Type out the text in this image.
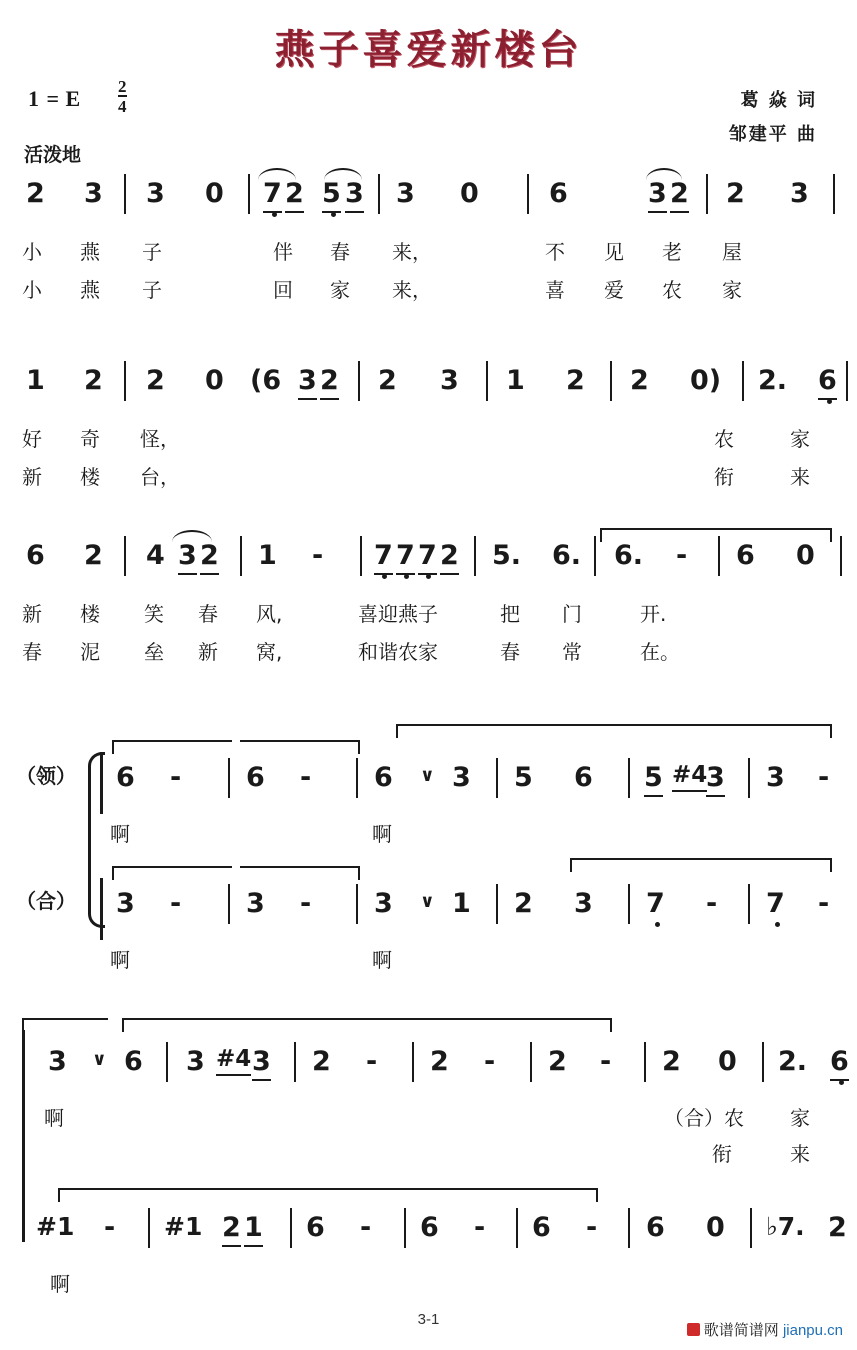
燕子喜爱新楼台
1 = E $\frac{2}{4}$
活泼地
葛 焱 词
邹建平 曲
2 3 3 0 7 2 5 3 3 0	6	3 2 2 3
小 燕 子	伴 春 来，	不 见 老 屋
小 燕 子	回 家 来，	喜 爱 农 家
1 2 2 0 (6 3 2 2 3 1 2 2 0) 2. 6
好 奇 怪，	农	家
新 楼 台，	衔	来
6 2 4 3 2 1 - 7 7 7 2 5. 6. 6. - 6 0
新 楼 笑 春 风,	喜迎燕子	把 门	开.
春 泥 垒 新 窝,	和谐农家	春 常	在。
（领） 6 - 6 - 6 ∨ 3 5 6 5 #4
3 3 -
啊	啊
（合） 3 - 3 - 3 ∨ 1 2 3 7 - 7 -
啊	啊
3 ∨ 6 3 #4 3 2 - 2 - 2 - 2 0 2. 6
啊	（合）农 家
衔	来
#1 - #1 2 1 6 - 6 - 6 - 6 0 ♭7. 2
啊
3-1
歌谱简谱网 jianpu.cn
